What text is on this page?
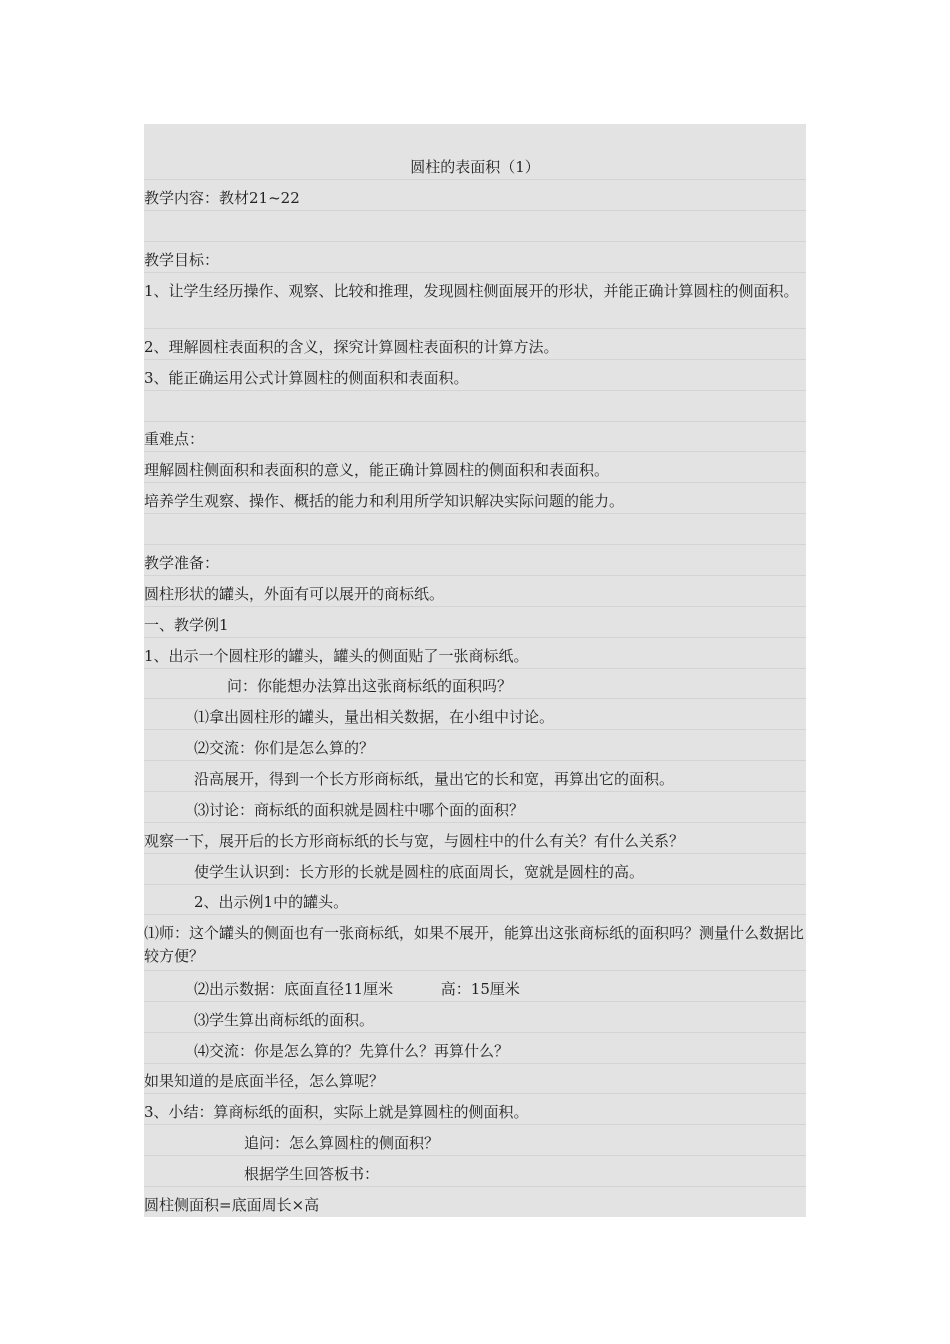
圆柱的表面积（1）
教学内容：教材21~22
教学目标：
1、让学生经历操作、观察、比较和推理，发现圆柱侧面展开的形状，并能正确计算圆柱的侧面积。
2、理解圆柱表面积的含义，探究计算圆柱表面积的计算方法。
3、能正确运用公式计算圆柱的侧面积和表面积。
重难点：
理解圆柱侧面积和表面积的意义，能正确计算圆柱的侧面积和表面积。
培养学生观察、操作、概括的能力和利用所学知识解决实际问题的能力。
教学准备：
圆柱形状的罐头，外面有可以展开的商标纸。
一、教学例1
1、出示一个圆柱形的罐头，罐头的侧面贴了一张商标纸。
问：你能想办法算出这张商标纸的面积吗？
⑴拿出圆柱形的罐头，量出相关数据，在小组中讨论。
⑵交流：你们是怎么算的？
沿高展开，得到一个长方形商标纸，量出它的长和宽，再算出它的面积。
⑶讨论：商标纸的面积就是圆柱中哪个面的面积？
观察一下，展开后的长方形商标纸的长与宽，与圆柱中的什么有关？有什么关系？
使学生认识到：长方形的长就是圆柱的底面周长，宽就是圆柱的高。
2、出示例1中的罐头。
⑴师：这个罐头的侧面也有一张商标纸，如果不展开，能算出这张商标纸的面积吗？测量什么数据比较方便？
⑵出示数据：底面直径11厘米          高：15厘米
⑶学生算出商标纸的面积。
⑷交流：你是怎么算的？先算什么？再算什么？
如果知道的是底面半径，怎么算呢？
3、小结：算商标纸的面积，实际上就是算圆柱的侧面积。
追问：怎么算圆柱的侧面积？
根据学生回答板书：
圆柱侧面积=底面周长×高
